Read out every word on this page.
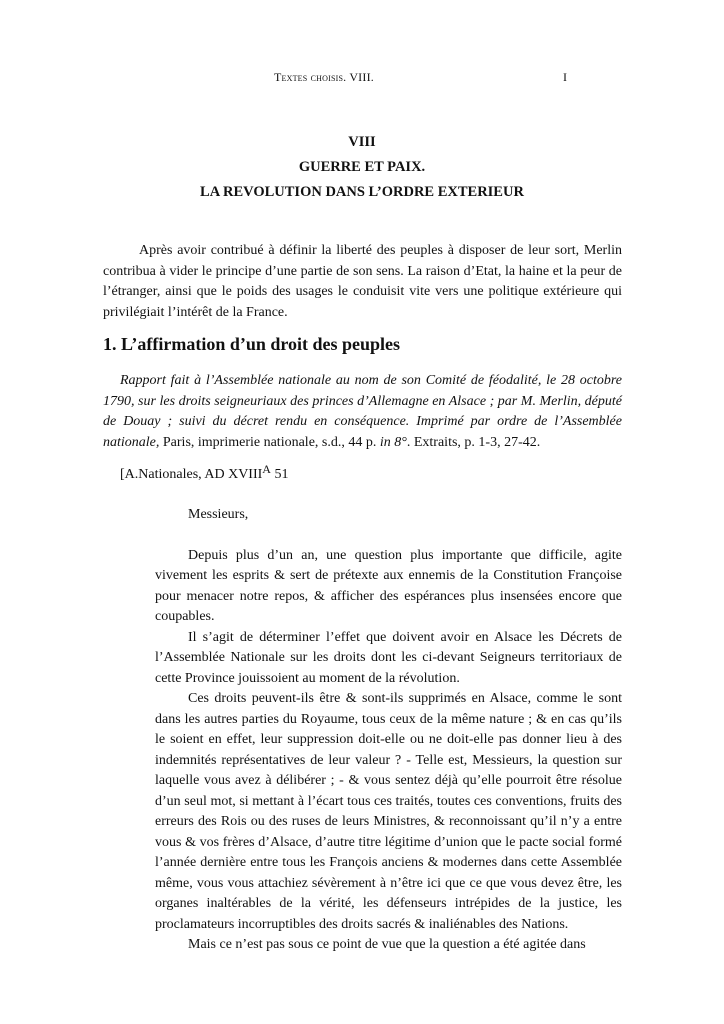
Textes choisis. VIII.	I
VIII
GUERRE ET PAIX.
LA REVOLUTION DANS L’ORDRE EXTERIEUR

Après avoir contribué à définir la liberté des peuples à disposer de leur sort, Merlin contribua à vider le principe d’une partie de son sens. La raison d’Etat, la haine et la peur de l’étranger, ainsi que le poids des usages le conduisit vite vers une politique extérieure qui privilégiait l’intérêt de la France.

1. L’affirmation d’un droit des peuples

Rapport fait à l’Assemblée nationale au nom de son Comité de féodalité, le 28 octobre 1790, sur les droits seigneuriaux des princes d’Allemagne en Alsace ; par M. Merlin, député de Douay ; suivi du décret rendu en conséquence. Imprimé par ordre de l’Assemblée nationale, Paris, imprimerie nationale, s.d., 44 p. in 8°. Extraits, p. 1-3, 27-42.

[A.Nationales, AD $XVIII^A$ 51

Messieurs,

Depuis plus d’un an, une question plus importante que difficile, agite vivement les esprits & sert de prétexte aux ennemis de la Constitution Françoise pour menacer notre repos, & afficher des espérances plus insensées encore que coupables.

Il s’agit de déterminer l’effet que doivent avoir en Alsace les Décrets de l’Assemblée Nationale sur les droits dont les ci-devant Seigneurs territoriaux de cette Province jouissoient au moment de la révolution.

Ces droits peuvent-ils être & sont-ils supprimés en Alsace, comme le sont dans les autres parties du Royaume, tous ceux de la même nature ; & en cas qu’ils le soient en effet, leur suppression doit-elle ou ne doit-elle pas donner lieu à des indemnités représentatives de leur valeur ? - Telle est, Messieurs, la question sur laquelle vous avez à délibérer ; - & vous sentez déjà qu’elle pourroit être résolue d’un seul mot, si mettant à l’écart tous ces traités, toutes ces conventions, fruits des erreurs des Rois ou des ruses de leurs Ministres, & reconnoissant qu’il n’y a entre vous & vos frères d’Alsace, d’autre titre légitime d’union que le pacte social formé l’année dernière entre tous les François anciens & modernes dans cette Assemblée même, vous vous attachiez sévèrement à n’être ici que ce que vous devez être, les organes inaltérables de la vérité, les défenseurs intrépides de la justice, les proclamateurs incorruptibles des droits sacrés & inaliénables des Nations.

Mais ce n’est pas sous ce point de vue que la question a été agitée dans
